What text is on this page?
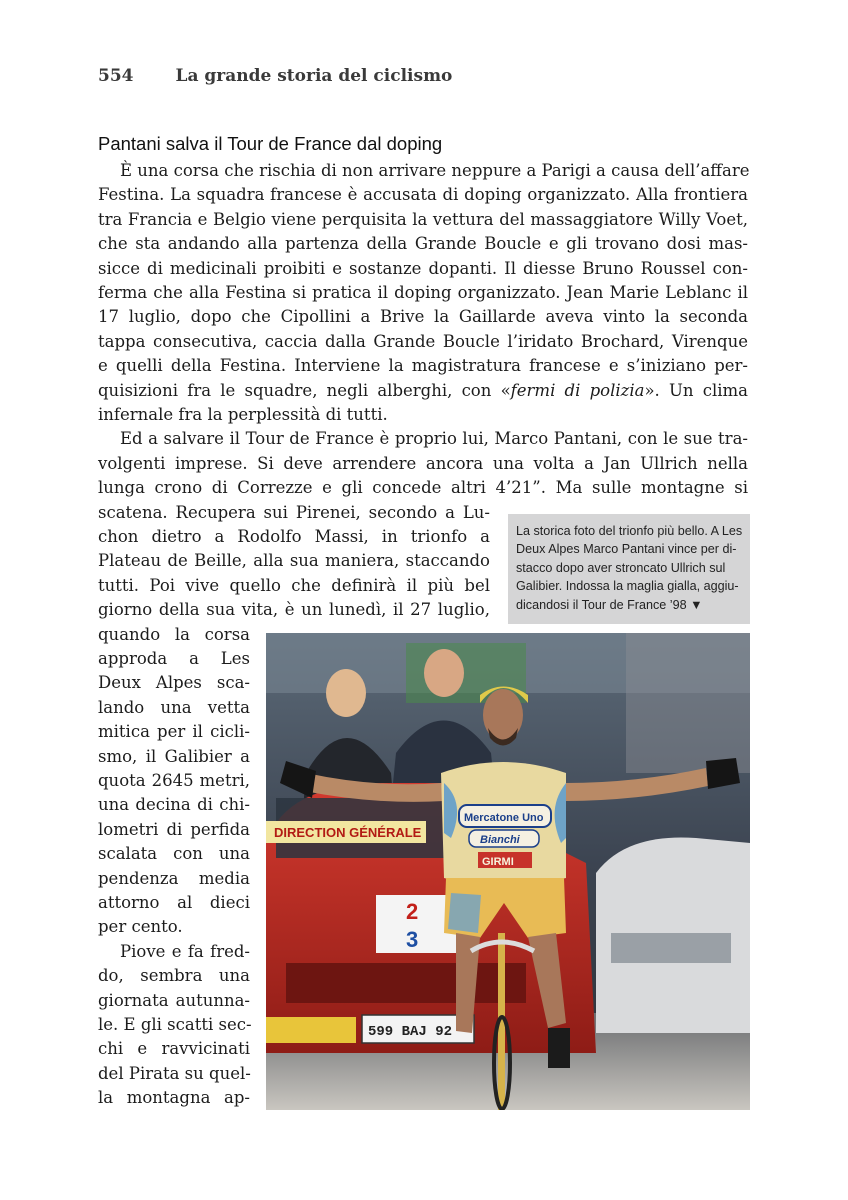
554 La grande storia del ciclismo
Pantani salva il Tour de France dal doping
È una corsa che rischia di non arrivare neppure a Parigi a causa dell’affare
Festina. La squadra francese è accusata di doping organizzato. Alla frontiera
tra Francia e Belgio viene perquisita la vettura del massaggiatore Willy Voet,
che sta andando alla partenza della Grande Boucle e gli trovano dosi mas-
sicce di medicinali proibiti e sostanze dopanti. Il diesse Bruno Roussel con-
ferma che alla Festina si pratica il doping organizzato. Jean Marie Leblanc il
17 luglio, dopo che Cipollini a Brive la Gaillarde aveva vinto la seconda
tappa consecutiva, caccia dalla Grande Boucle l’iridato Brochard, Virenque
e quelli della Festina. Interviene la magistratura francese e s’iniziano per-
quisizioni fra le squadre, negli alberghi, con «fermi di polizia». Un clima
infernale fra la perplessità di tutti.
Ed a salvare il Tour de France è proprio lui, Marco Pantani, con le sue tra-
volgenti imprese. Si deve arrendere ancora una volta a Jan Ullrich nella
lunga crono di Correzze e gli concede altri 4’21”. Ma sulle montagne si
scatena. Recupera sui Pirenei, secondo a Lu-
chon dietro a Rodolfo Massi, in trionfo a
Plateau de Beille, alla sua maniera, staccando
tutti. Poi vive quello che definirà il più bel
giorno della sua vita, è un lunedì, il 27 luglio,
quando la corsa
approda a Les
Deux Alpes sca-
lando una vetta
mitica per il cicli-
smo, il Galibier a
quota 2645 metri,
una decina di chi-
lometri di perfida
scalata con una
pendenza media
attorno al dieci
per cento.
Piove e fa fred-
do, sembra una
giornata autunna-
le. E gli scatti sec-
chi e ravvicinati
del Pirata su quel-
la montagna ap-
La storica foto del trionfo più bello. A Les
Deux Alpes Marco Pantani vince per di-
stacco dopo aver stroncato Ullrich sul
Galibier. Indossa la maglia gialla, aggiu-
dicandosi il Tour de France ’98 ▼
DIRECTION GÉNÉRALE
2
3
599 BAJ 92
Mercatone Uno
Bianchi
GIRMI
